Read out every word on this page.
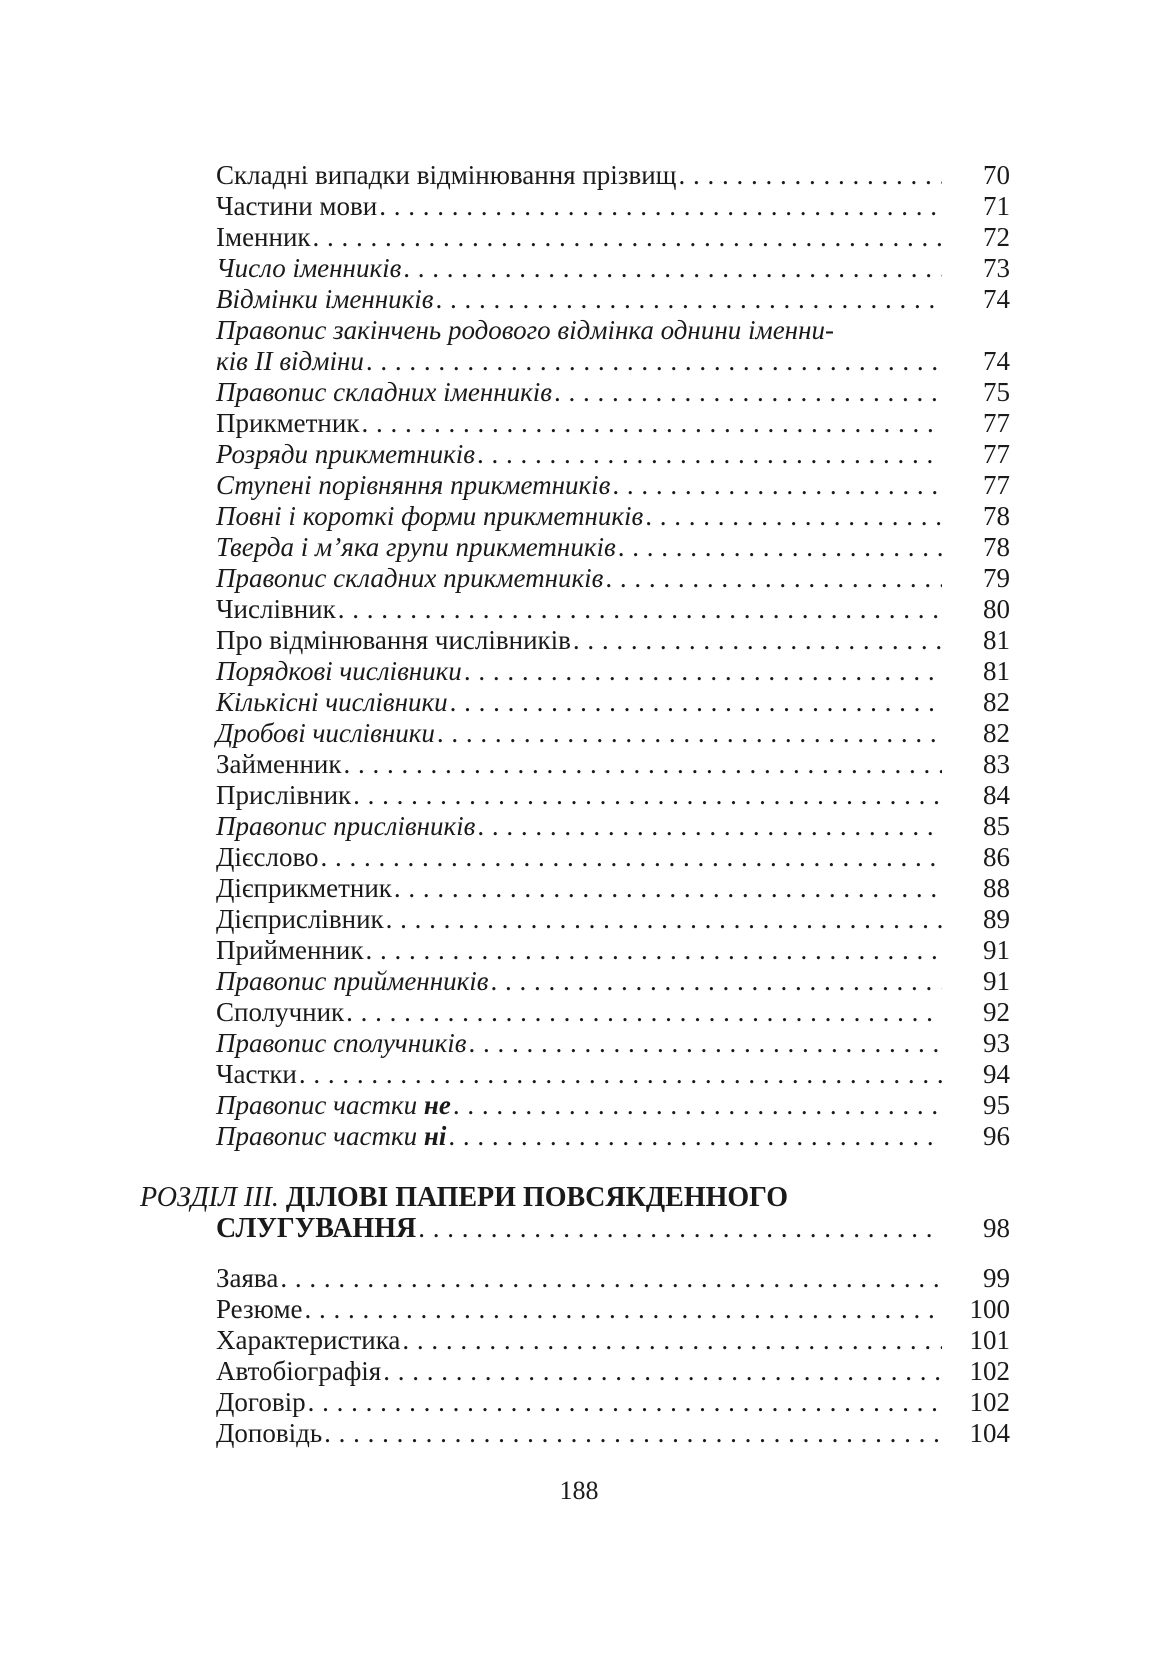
Складні випадки відмінювання прізвищ . . .	70
Частини мови . . .	71
Іменник . . .	72
Число іменників . . .	73
Відмінки іменників . . .	74
Правопис закінчень родового відмінка однини іменни-
ків II відміни . . .	74
Правопис складних іменників . . .	75
Прикметник . . .	77
Розряди прикметників . . .	77
Ступені порівняння прикметників . . .	77
Повні і короткі форми прикметників . . .	78
Тверда і м’яка групи прикметників . . .	78
Правопис складних прикметників . . .	79
Числівник . . .	80
Про відмінювання числівників . . .	81
Порядкові числівники . . .	81
Кількісні числівники . . .	82
Дробові числівники . . .	82
Займенник . . .	83
Прислівник . . .	84
Правопис прислівників . . .	85
Дієслово . . .	86
Дієприкметник . . .	88
Дієприслівник . . .	89
Прийменник . . .	91
Правопис прийменників . . .	91
Сполучник . . .	92
Правопис сполучників . . .	93
Частки . . .	94
Правопис частки не . . .	95
Правопис частки ні . . .	96
РОЗДІЛ III. ДІЛОВІ ПАПЕРИ ПОВСЯКДЕННОГО
СЛУГУВАННЯ . . .	98
Заява . . .	99
Резюме . . .	100
Характеристика . . .	101
Автобіографія . . .	102
Договір . . .	102
Доповідь . . .	104
188
